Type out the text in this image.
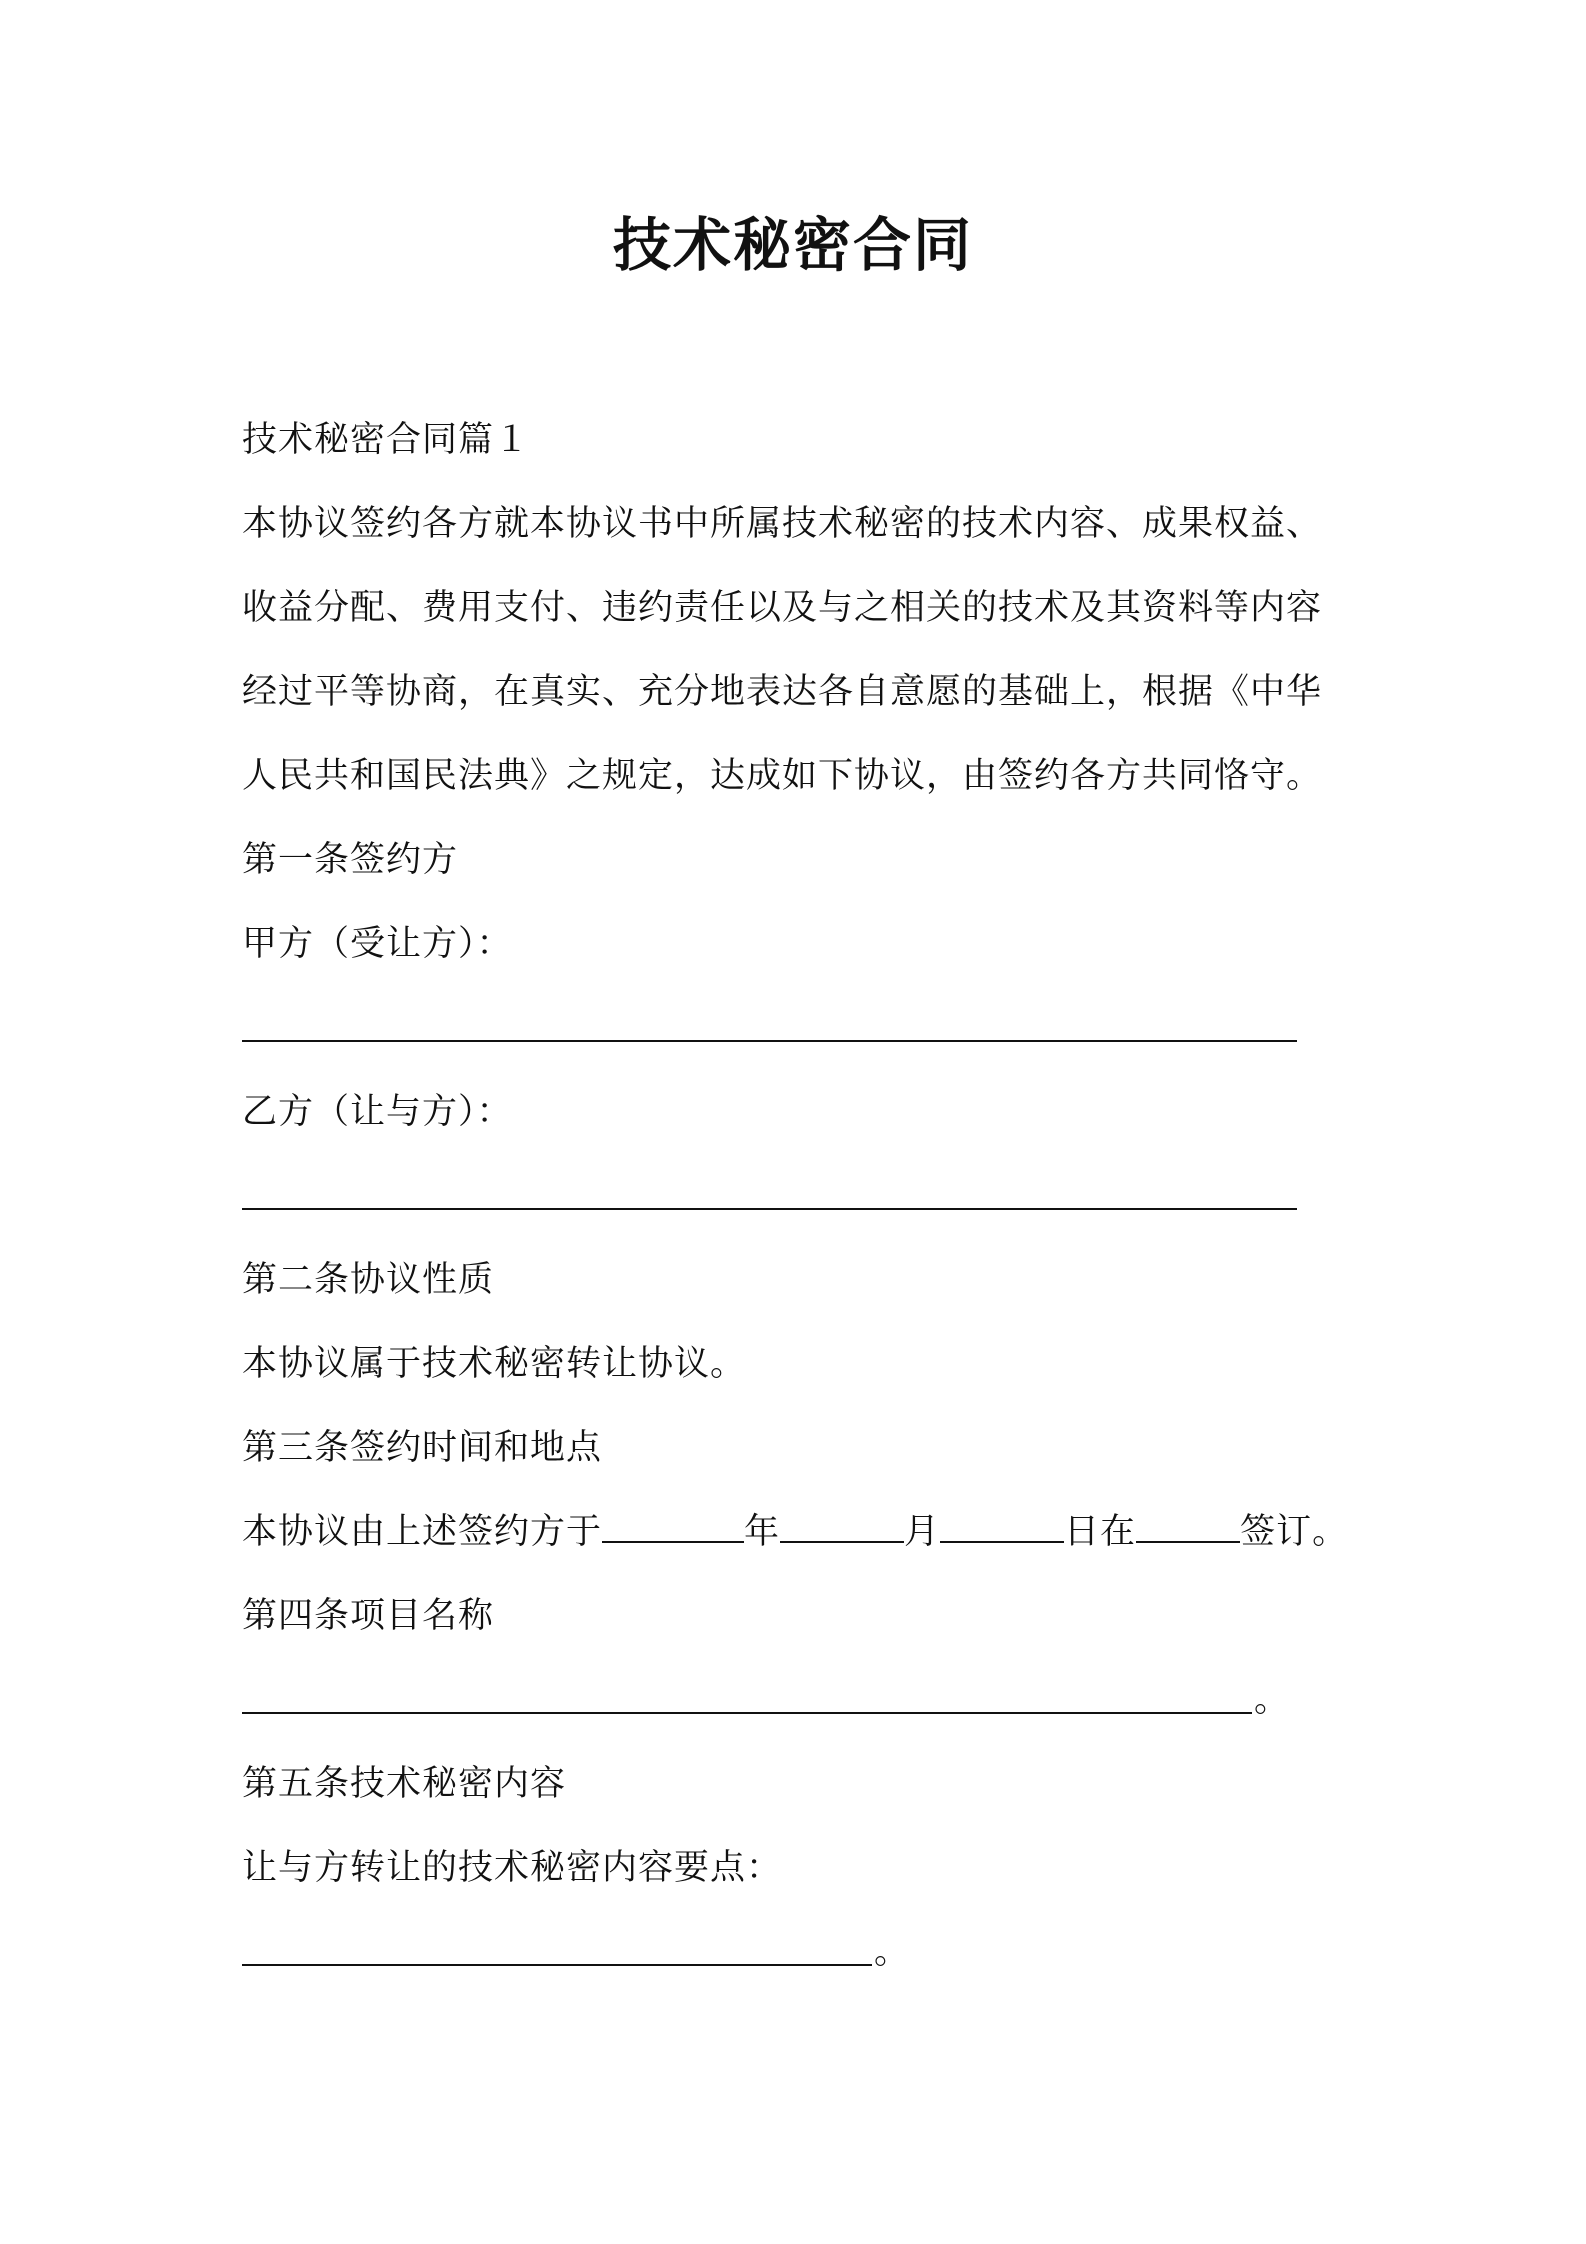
技术秘密合同
技术秘密合同篇１
本协议签约各方就本协议书中所属技术秘密的技术内容、成果权益、
收益分配、费用支付、违约责任以及与之相关的技术及其资料等内容
经过平等协商，在真实、充分地表达各自意愿的基础上，根据《中华
人民共和国民法典》之规定，达成如下协议，由签约各方共同恪守。
第一条签约方
甲方（受让方）：
乙方（让与方）：
第二条协议性质
本协议属于技术秘密转让协议。
第三条签约时间和地点
本协议由上述签约方于	年	月	日在	签订。
第四条项目名称
。
第五条技术秘密内容
让与方转让的技术秘密内容要点：
。
